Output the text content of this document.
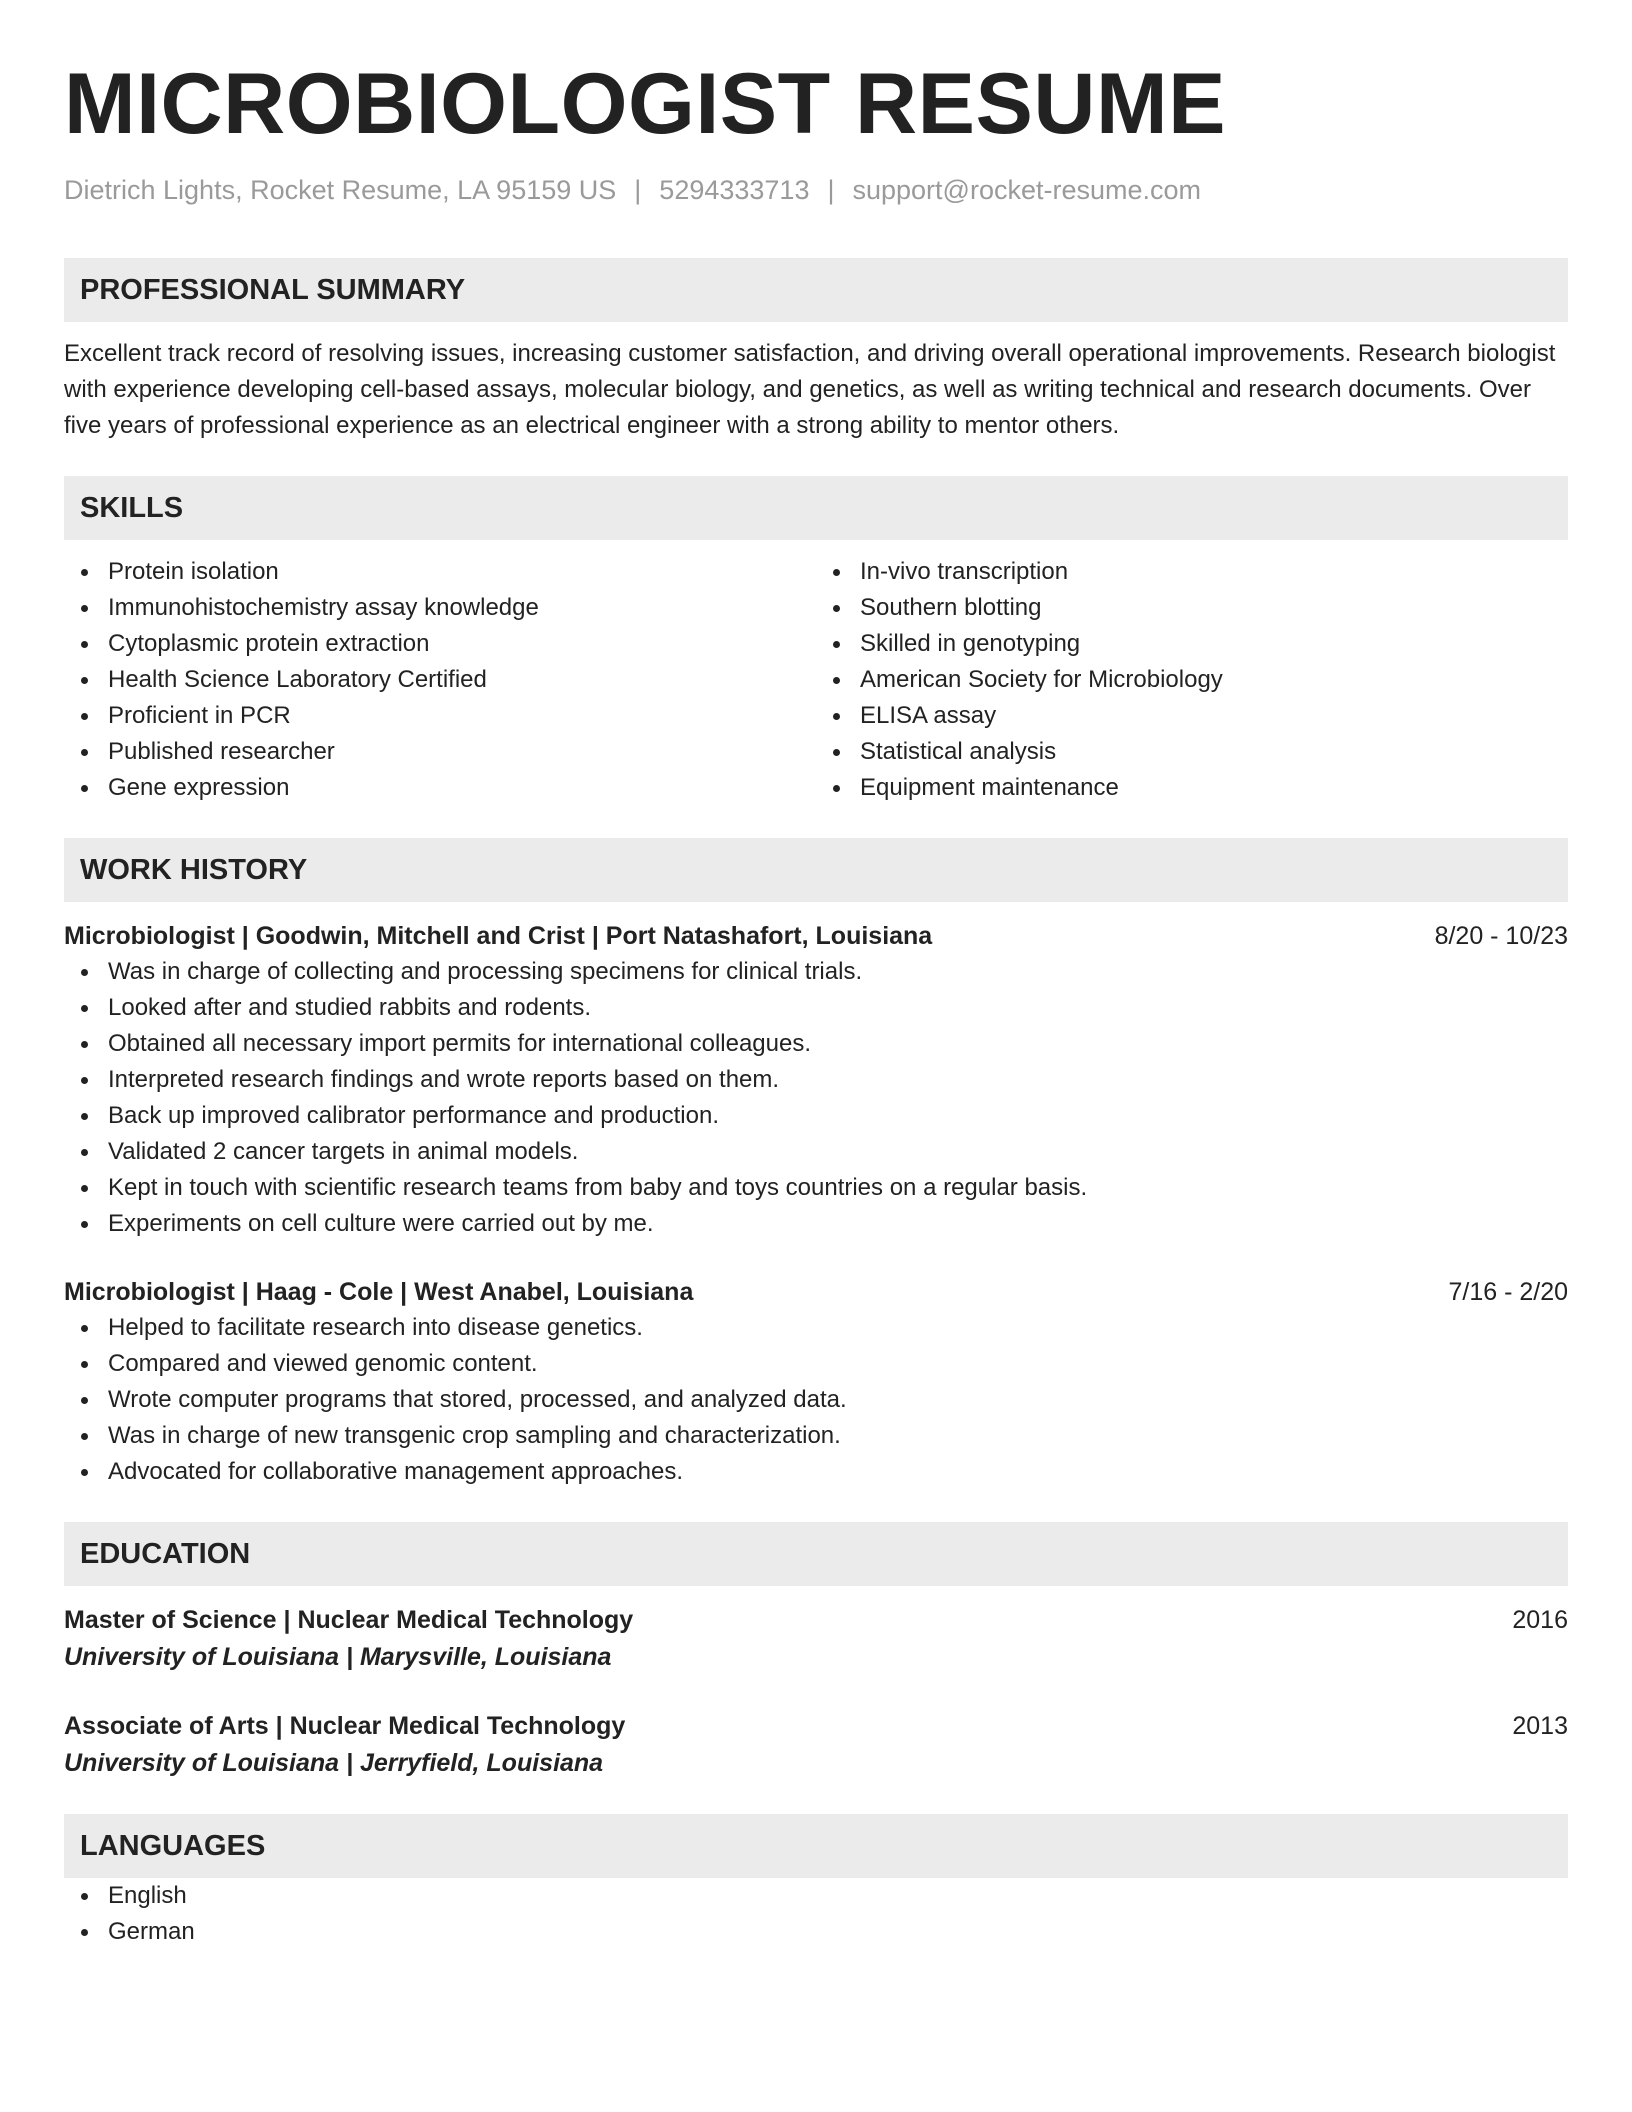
MICROBIOLOGIST RESUME
Dietrich Lights, Rocket Resume, LA 95159 US | 5294333713 | support@rocket-resume.com
PROFESSIONAL SUMMARY
Excellent track record of resolving issues, increasing customer satisfaction, and driving overall operational improvements. Research biologist with experience developing cell-based assays, molecular biology, and genetics, as well as writing technical and research documents. Over five years of professional experience as an electrical engineer with a strong ability to mentor others.
SKILLS
Protein isolation
Immunohistochemistry assay knowledge
Cytoplasmic protein extraction
Health Science Laboratory Certified
Proficient in PCR
Published researcher
Gene expression
In-vivo transcription
Southern blotting
Skilled in genotyping
American Society for Microbiology
ELISA assay
Statistical analysis
Equipment maintenance
WORK HISTORY
Microbiologist | Goodwin, Mitchell and Crist | Port Natashafort, Louisiana	8/20 - 10/23
Was in charge of collecting and processing specimens for clinical trials.
Looked after and studied rabbits and rodents.
Obtained all necessary import permits for international colleagues.
Interpreted research findings and wrote reports based on them.
Back up improved calibrator performance and production.
Validated 2 cancer targets in animal models.
Kept in touch with scientific research teams from baby and toys countries on a regular basis.
Experiments on cell culture were carried out by me.
Microbiologist | Haag - Cole | West Anabel, Louisiana	7/16 - 2/20
Helped to facilitate research into disease genetics.
Compared and viewed genomic content.
Wrote computer programs that stored, processed, and analyzed data.
Was in charge of new transgenic crop sampling and characterization.
Advocated for collaborative management approaches.
EDUCATION
Master of Science | Nuclear Medical Technology	2016
University of Louisiana | Marysville, Louisiana
Associate of Arts | Nuclear Medical Technology	2013
University of Louisiana | Jerryfield, Louisiana
LANGUAGES
English
German
